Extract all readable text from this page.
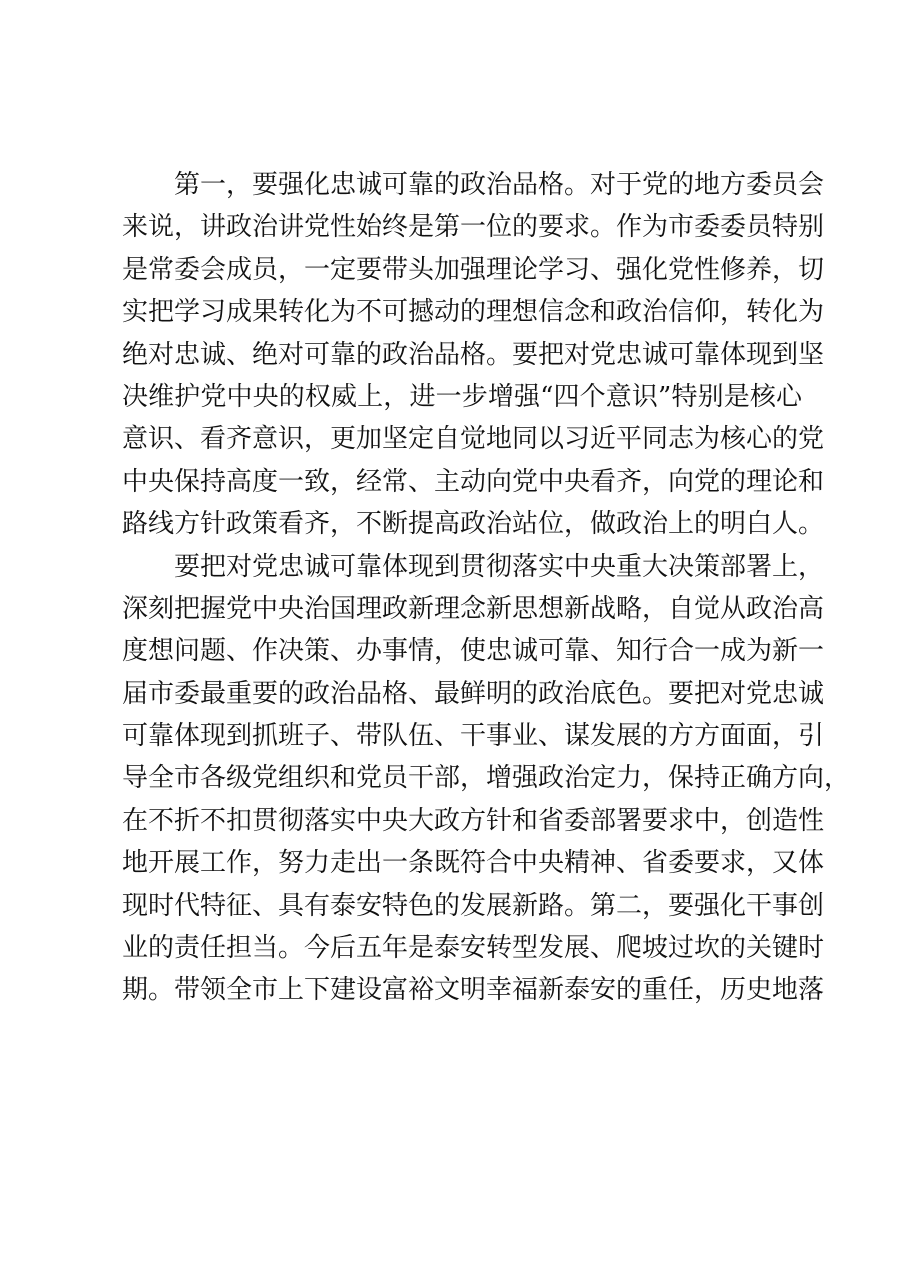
第一，要强化忠诚可靠的政治品格。对于党的地方委员会
来说，讲政治讲党性始终是第一位的要求。作为市委委员特别
是常委会成员，一定要带头加强理论学习、强化党性修养，切
实把学习成果转化为不可撼动的理想信念和政治信仰，转化为
绝对忠诚、绝对可靠的政治品格。要把对党忠诚可靠体现到坚
决维护党中央的权威上，进一步增强“四个意识”特别是核心
意识、看齐意识，更加坚定自觉地同以习近平同志为核心的党
中央保持高度一致，经常、主动向党中央看齐，向党的理论和
路线方针政策看齐，不断提高政治站位，做政治上的明白人。
要把对党忠诚可靠体现到贯彻落实中央重大决策部署上，
深刻把握党中央治国理政新理念新思想新战略，自觉从政治高
度想问题、作决策、办事情，使忠诚可靠、知行合一成为新一
届市委最重要的政治品格、最鲜明的政治底色。要把对党忠诚
可靠体现到抓班子、带队伍、干事业、谋发展的方方面面，引
导全市各级党组织和党员干部，增强政治定力，保持正确方向，
在不折不扣贯彻落实中央大政方针和省委部署要求中，创造性
地开展工作，努力走出一条既符合中央精神、省委要求，又体
现时代特征、具有泰安特色的发展新路。第二，要强化干事创
业的责任担当。今后五年是泰安转型发展、爬坡过坎的关键时
期。带领全市上下建设富裕文明幸福新泰安的重任，历史地落
